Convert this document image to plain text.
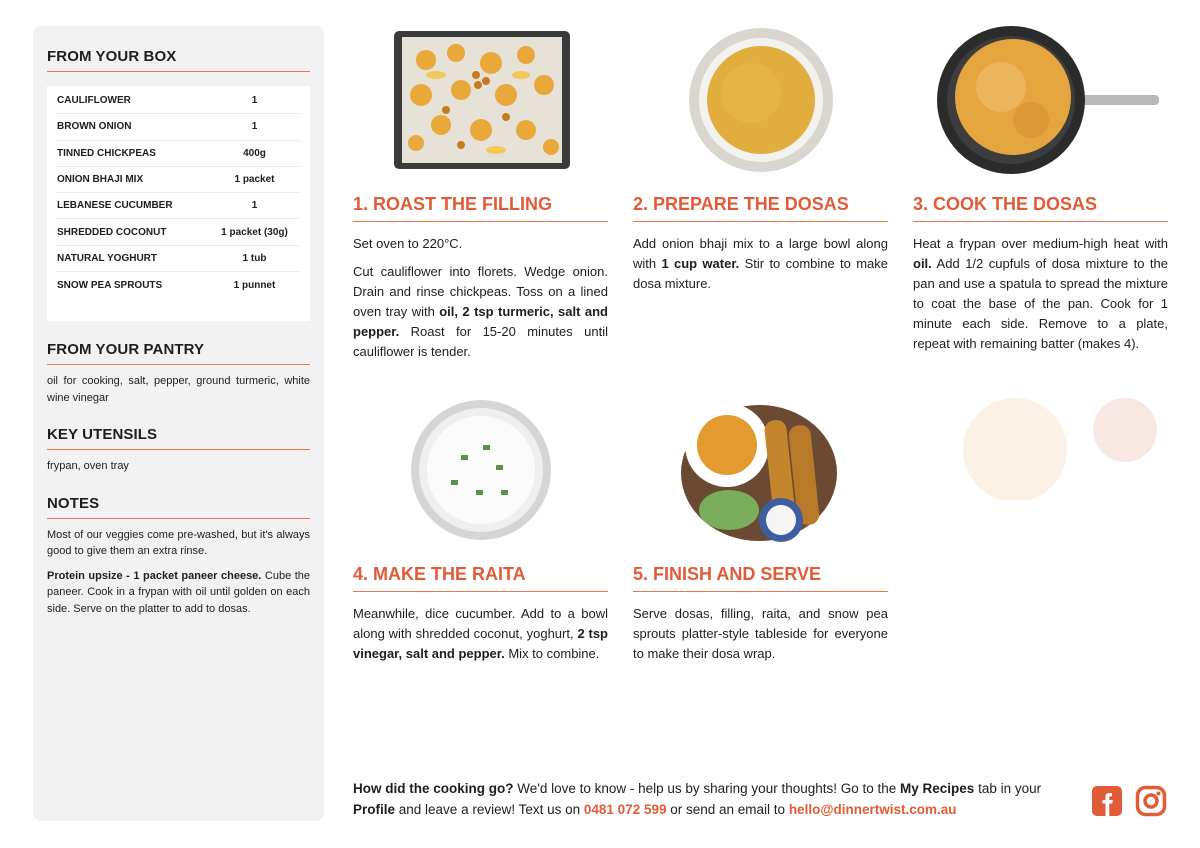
FROM YOUR BOX
CAULIFLOWER	1
BROWN ONION	1
TINNED CHICKPEAS	400g
ONION BHAJI MIX	1 packet
LEBANESE CUCUMBER	1
SHREDDED COCONUT	1 packet (30g)
NATURAL YOGHURT	1 tub
SNOW PEA SPROUTS	1 punnet
FROM YOUR PANTRY
oil for cooking, salt, pepper, ground turmeric, white wine vinegar
KEY UTENSILS
frypan, oven tray
NOTES

Most of our veggies come pre-washed, but it's always good to give them an extra rinse.

Protein upsize - 1 packet paneer cheese. Cube the paneer. Cook in a frypan with oil until golden on each side. Serve on the platter to add to dosas.

1. ROAST THE FILLING

Set oven to 220°C.

Cut cauliflower into florets. Wedge onion. Drain and rinse chickpeas. Toss on a lined oven tray with oil, 2 tsp turmeric, salt and pepper. Roast for 15-20 minutes until cauliflower is tender.

2. PREPARE THE DOSAS

Add onion bhaji mix to a large bowl along with 1 cup water. Stir to combine to make dosa mixture.

3. COOK THE DOSAS

Heat a frypan over medium-high heat with oil. Add 1/2 cupfuls of dosa mixture to the pan and use a spatula to spread the mixture to coat the base of the pan. Cook for 1 minute each side. Remove to a plate, repeat with remaining batter (makes 4).

4. MAKE THE RAITA

Meanwhile, dice cucumber. Add to a bowl along with shredded coconut, yoghurt, 2 tsp vinegar, salt and pepper. Mix to combine.

5. FINISH AND SERVE

Serve dosas, filling, raita, and snow pea sprouts platter-style tableside for everyone to make their dosa wrap.

How did the cooking go? We'd love to know - help us by sharing your thoughts! Go to the My Recipes tab in your Profile and leave a review! Text us on 0481 072 599 or send an email to hello@dinnertwist.com.au
